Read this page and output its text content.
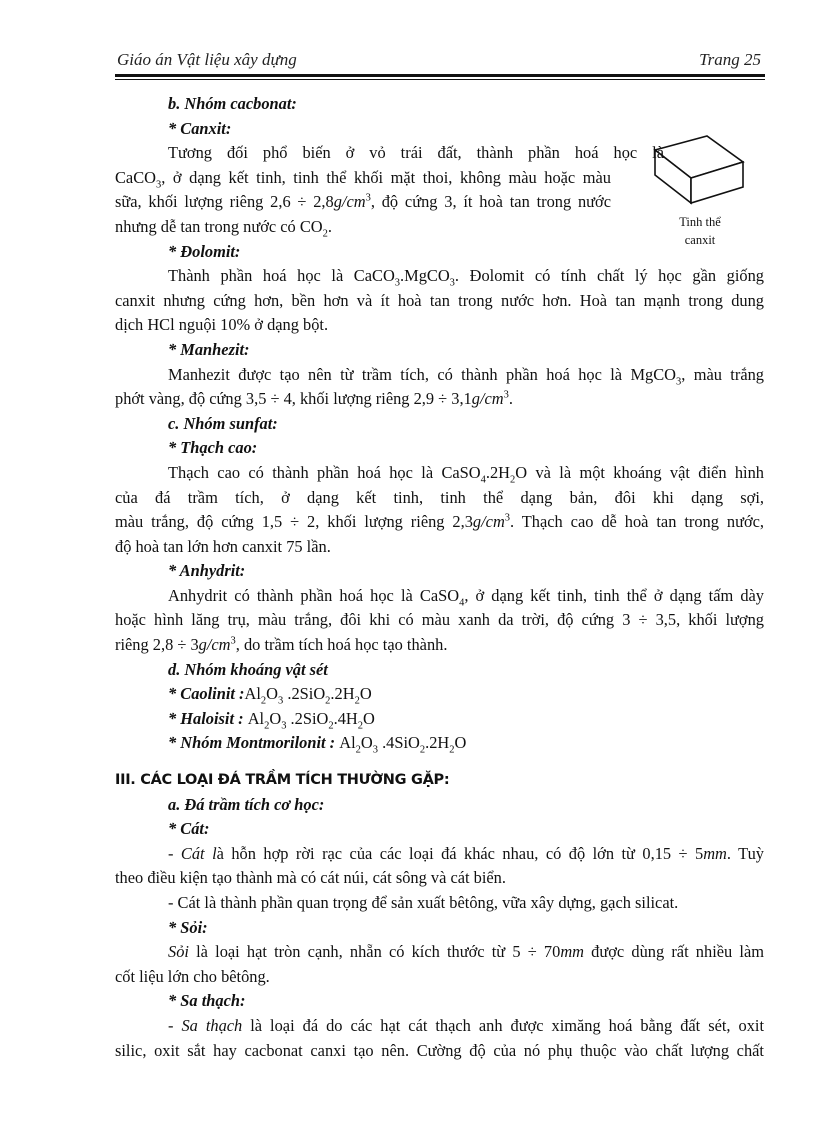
Giáo án Vật liệu xây dựng	Trang 25
Tinh thể
canxit
b. Nhóm cacbonat:
* Canxit:
Tương đối phổ biến ở vỏ trái đất, thành phần hoá học là
CaCO$_3$, ở dạng kết tinh, tinh thể khối mặt thoi, không màu hoặc màu
sữa, khối lượng riêng $2,6 \div 2,8g/cm^3$, độ cứng 3, ít hoà tan trong nước
nhưng dễ tan trong nước có $CO_2$.
* Đolomit:
Thành phần hoá học là CaCO$_3$.MgCO$_3$. Đolomit có tính chất lý học gần giống
canxit nhưng cứng hơn, bền hơn và ít hoà tan trong nước hơn. Hoà tan mạnh trong dung
dịch HCl nguội 10% ở dạng bột.
* Manhezit:
Manhezit được tạo nên từ trầm tích, có thành phần hoá học là MgCO$_3$, màu trắng
phớt vàng, độ cứng 3,5 ÷ 4, khối lượng riêng $2,9 \div 3,1g/cm^3$.
c. Nhóm sunfat:
* Thạch cao:
Thạch cao có thành phần hoá học là $CaSO_4.2H_2O$ và là một khoáng vật điển hình
của đá trầm tích, ở dạng kết tinh, tinh thể dạng bản, đôi khi dạng sợi,
màu trắng, độ cứng 1,5 ÷ 2, khối lượng riêng $2,3g/cm^3$. Thạch cao dễ hoà tan trong nước,
độ hoà tan lớn hơn canxit 75 lần.
* Anhydrit:
Anhydrit có thành phần hoá học là CaSO$_4$, ở dạng kết tinh, tinh thể ở dạng tấm dày
hoặc hình lăng trụ, màu trắng, đôi khi có màu xanh da trời, độ cứng 3 ÷ 3,5, khối lượng
riêng $2,8 \div 3g/cm^3$, do trầm tích hoá học tạo thành.
d. Nhóm khoáng vật sét
* Caolinit $:Al_2O_3$ $.2SiO_2.2H_2O$
* Haloisit : $Al_2O_3$ $.2SiO_2.4H_2O$
* Nhóm Montmorilonit : $Al_2O_3$ $.4SiO_2.2H_2O$
III. CÁC LOẠI ĐÁ TRẦM TÍCH THƯỜNG GẶP:
a. Đá trầm tích cơ học:
* Cát:
- Cát là hỗn hợp rời rạc của các loại đá khác nhau, có độ lớn từ 0,15 ÷ 5mm. Tuỳ
theo điều kiện tạo thành mà có cát núi, cát sông và cát biển.
- Cát là thành phần quan trọng để sản xuất bêtông, vữa xây dựng, gạch silicat.
* Sỏi:
Sỏi là loại hạt tròn cạnh, nhẵn có kích thước từ 5 ÷ 70mm được dùng rất nhiều làm
cốt liệu lớn cho bêtông.
* Sa thạch:
- Sa thạch là loại đá do các hạt cát thạch anh được ximăng hoá bằng đất sét, oxit
silic, oxit sắt hay cacbonat canxi tạo nên. Cường độ của nó phụ thuộc vào chất lượng chất
